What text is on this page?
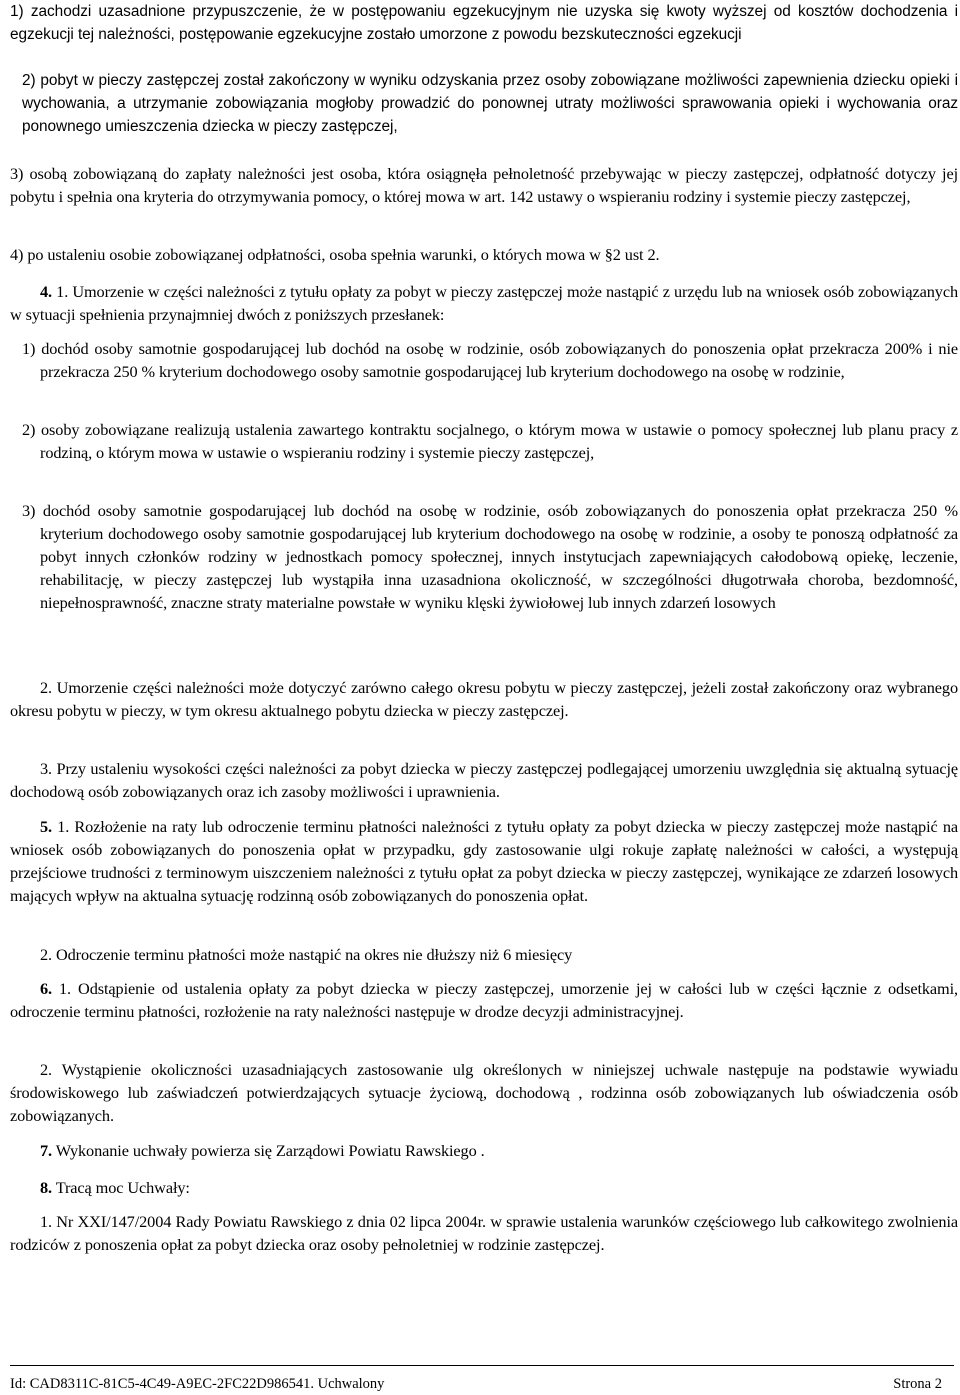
1) zachodzi uzasadnione przypuszczenie, że w postępowaniu egzekucyjnym nie uzyska się kwoty wyższej od kosztów dochodzenia i egzekucji tej należności, postępowanie egzekucyjne zostało umorzone z powodu bezskuteczności egzekucji

2) pobyt w pieczy zastępczej został zakończony w wyniku odzyskania przez osoby zobowiązane możliwości zapewnienia dziecku opieki i wychowania, a utrzymanie zobowiązania mogłoby prowadzić do ponownej utraty możliwości sprawowania opieki i wychowania oraz ponownego umieszczenia dziecka w pieczy zastępczej,

3) osobą zobowiązaną do zapłaty należności jest osoba, która osiągnęła pełnoletność przebywając w pieczy zastępczej, odpłatność dotyczy jej pobytu i spełnia ona kryteria do otrzymywania pomocy, o której mowa w art. 142 ustawy o wspieraniu rodziny i systemie pieczy zastępczej,

4) po ustaleniu osobie zobowiązanej odpłatności, osoba spełnia warunki, o których mowa w §2 ust 2.

4. 1. Umorzenie w części należności z tytułu opłaty za pobyt w pieczy zastępczej może nastąpić z urzędu lub na wniosek osób zobowiązanych w sytuacji spełnienia przynajmniej dwóch z poniższych przesłanek:

1) dochód osoby samotnie gospodarującej lub dochód na osobę w rodzinie, osób zobowiązanych do ponoszenia opłat przekracza 200% i nie przekracza 250 % kryterium dochodowego osoby samotnie gospodarującej lub kryterium dochodowego na osobę w rodzinie,

2) osoby zobowiązane realizują ustalenia zawartego kontraktu socjalnego, o którym mowa w ustawie o pomocy społecznej lub planu pracy z rodziną, o którym mowa w ustawie o wspieraniu rodziny i systemie pieczy zastępczej,

3) dochód osoby samotnie gospodarującej lub dochód na osobę w rodzinie, osób zobowiązanych do ponoszenia opłat przekracza 250 % kryterium dochodowego osoby samotnie gospodarującej lub kryterium dochodowego na osobę w rodzinie, a osoby te ponoszą odpłatność za pobyt innych członków rodziny w jednostkach pomocy społecznej, innych instytucjach zapewniających całodobową opiekę, leczenie, rehabilitację, w pieczy zastępczej lub wystąpiła inna uzasadniona okoliczność, w szczególności długotrwała choroba, bezdomność, niepełnosprawność, znaczne straty materialne powstałe w wyniku klęski żywiołowej lub innych zdarzeń losowych

2. Umorzenie części należności może dotyczyć zarówno całego okresu pobytu w pieczy zastępczej, jeżeli został zakończony oraz wybranego okresu pobytu w pieczy, w tym okresu aktualnego pobytu dziecka w pieczy zastępczej.

3. Przy ustaleniu wysokości części należności za pobyt dziecka w pieczy zastępczej podlegającej umorzeniu uwzględnia się aktualną sytuację dochodową osób zobowiązanych oraz ich zasoby możliwości i uprawnienia.

5. 1. Rozłożenie na raty lub odroczenie terminu płatności należności z tytułu opłaty za pobyt dziecka w pieczy zastępczej może nastąpić na wniosek osób zobowiązanych do ponoszenia opłat w przypadku, gdy zastosowanie ulgi rokuje zapłatę należności w całości, a występują przejściowe trudności z terminowym uiszczeniem należności z tytułu opłat za pobyt dziecka w pieczy zastępczej, wynikające ze zdarzeń losowych mających wpływ na aktualna sytuację rodzinną osób zobowiązanych do ponoszenia opłat.

2. Odroczenie terminu płatności może nastąpić na okres nie dłuższy niż 6 miesięcy

6. 1. Odstąpienie od ustalenia opłaty za pobyt dziecka w pieczy zastępczej, umorzenie jej w całości lub w części łącznie z odsetkami, odroczenie terminu płatności, rozłożenie na raty należności następuje w drodze decyzji administracyjnej.

2. Wystąpienie okoliczności uzasadniających zastosowanie ulg określonych w niniejszej uchwale następuje na podstawie wywiadu środowiskowego lub zaświadczeń potwierdzających sytuacje życiową, dochodową , rodzinna osób zobowiązanych lub oświadczenia osób zobowiązanych.

7. Wykonanie uchwały powierza się Zarządowi Powiatu Rawskiego .

8. Tracą moc Uchwały:

1. Nr XXI/147/2004 Rady Powiatu Rawskiego z dnia 02 lipca 2004r. w sprawie ustalenia warunków częściowego lub całkowitego zwolnienia rodziców z ponoszenia opłat za pobyt dziecka oraz osoby pełnoletniej w rodzinie zastępczej.

Id: CAD8311C-81C5-4C49-A9EC-2FC22D986541. Uchwalony	Strona 2
